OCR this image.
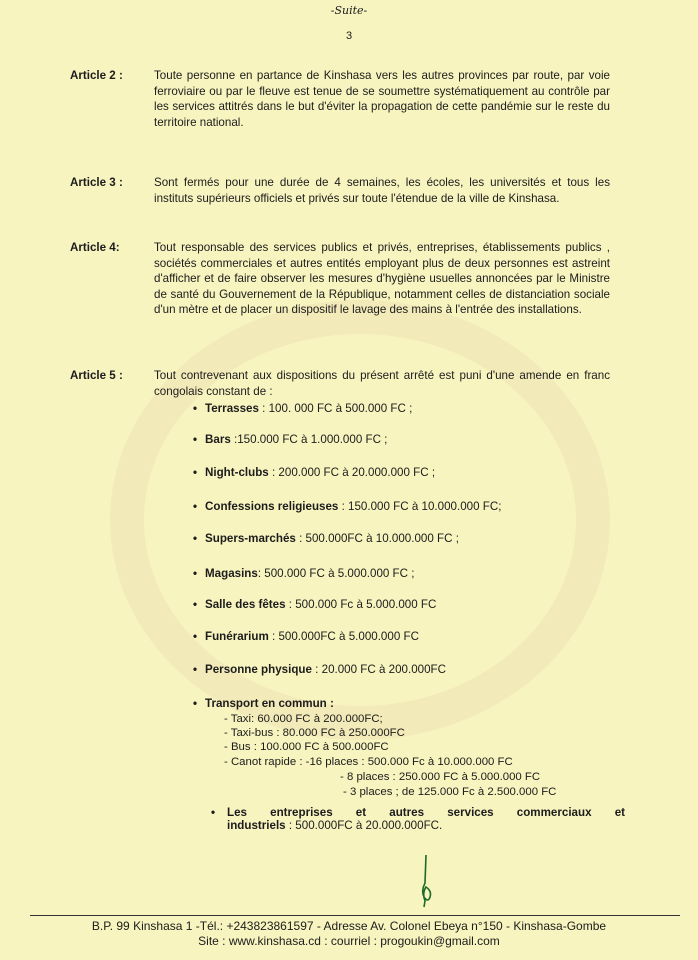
-Suite-
3
Article 2 :	Toute personne en partance de Kinshasa vers les autres provinces par route, par voie ferroviaire ou par le fleuve est tenue de se soumettre systématiquement au contrôle par les services attitrés dans le but d'éviter la propagation de cette pandémie sur le reste du territoire national.
Article 3 :	Sont fermés pour une durée de 4 semaines, les écoles, les universités et tous les instituts supérieurs officiels et privés sur toute l'étendue de la ville de Kinshasa.
Article 4:	Tout responsable des services publics et privés, entreprises, établissements publics , sociétés commerciales et autres entités employant plus de deux personnes est astreint d'afficher et de faire observer les mesures d'hygiène usuelles annoncées par le Ministre de santé du Gouvernement de la République, notamment celles de distanciation sociale d'un mètre et de placer un dispositif le lavage des mains à l'entrée des installations.
Article 5 :	Tout contrevenant aux dispositions du présent arrêté est puni d'une amende en franc congolais constant de :
• Terrasses : 100. 000 FC à 500.000 FC ;
• Bars :150.000 FC à 1.000.000 FC ;
• Night-clubs : 200.000 FC à 20.000.000 FC ;
• Confessions religieuses : 150.000 FC à 10.000.000 FC;
• Supers-marchés : 500.000FC à 10.000.000 FC ;
• Magasins: 500.000 FC à 5.000.000 FC ;
• Salle des fêtes : 500.000 Fc à 5.000.000 FC
• Funérarium : 500.000FC à 5.000.000 FC
• Personne physique : 20.000 FC à 200.000FC
• Transport en commun :
- Taxi: 60.000 FC à 200.000FC;
- Taxi-bus : 80.000 FC à 250.000FC
- Bus : 100.000 FC à 500.000FC
- Canot rapide : -16 places : 500.000 Fc à 10.000.000 FC
- 8 places : 250.000 FC à 5.000.000 FC
- 3 places ; de 125.000 Fc à 2.500.000 FC
• Les entreprises et autres services commerciaux et
industriels : 500.000FC à 20.000.000FC.
B.P. 99 Kinshasa 1 -Tél.: +243823861597 - Adresse Av. Colonel Ebeya n°150 - Kinshasa-Gombe
Site : www.kinshasa.cd : courriel : progoukin@gmail.com
